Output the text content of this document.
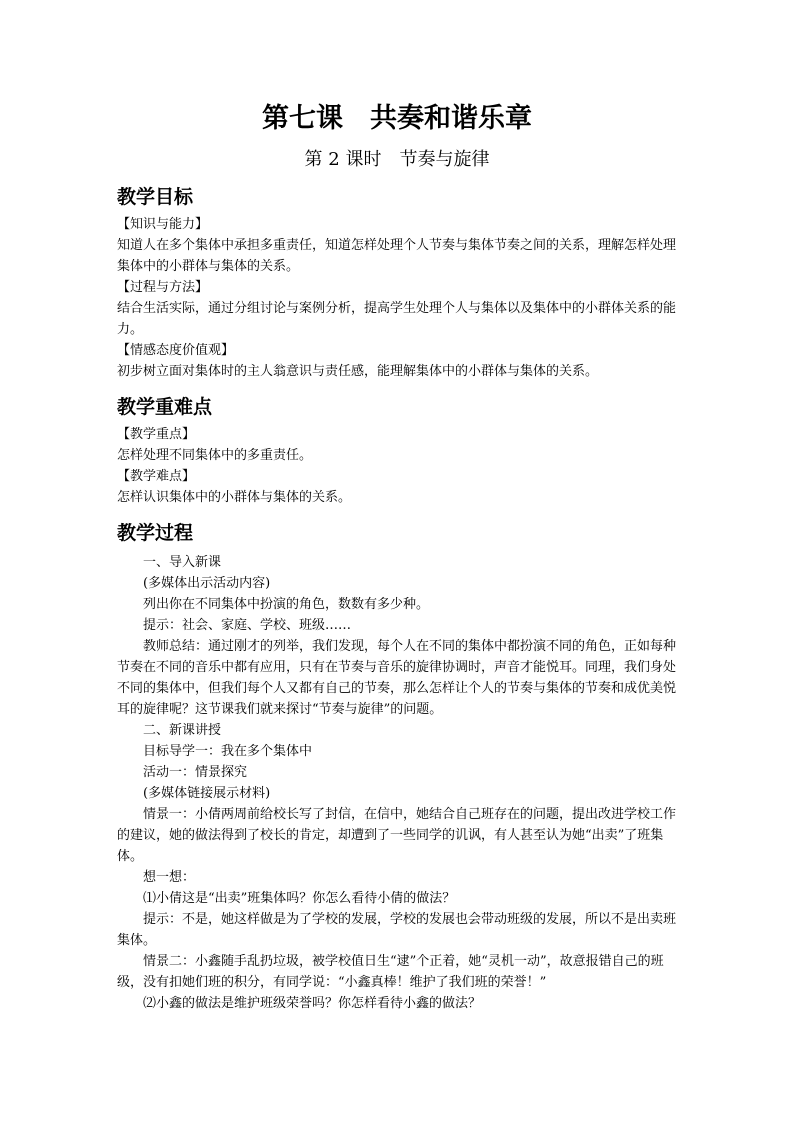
第七课　共奏和谐乐章
第 2 课时　节奏与旋律
教学目标

【知识与能力】

知道人在多个集体中承担多重责任，知道怎样处理个人节奏与集体节奏之间的关系，理解怎样处理集体中的小群体与集体的关系。

【过程与方法】

结合生活实际，通过分组讨论与案例分析，提高学生处理个人与集体以及集体中的小群体关系的能力。

【情感态度价值观】

初步树立面对集体时的主人翁意识与责任感，能理解集体中的小群体与集体的关系。

教学重难点

【教学重点】

怎样处理不同集体中的多重责任。

【教学难点】

怎样认识集体中的小群体与集体的关系。

教学过程

一、导入新课

(多媒体出示活动内容)

列出你在不同集体中扮演的角色，数数有多少种。

提示：社会、家庭、学校、班级……

教师总结：通过刚才的列举，我们发现，每个人在不同的集体中都扮演不同的角色，正如每种节奏在不同的音乐中都有应用，只有在节奏与音乐的旋律协调时，声音才能悦耳。同理，我们身处不同的集体中，但我们每个人又都有自己的节奏，那么怎样让个人的节奏与集体的节奏和成优美悦耳的旋律呢？这节课我们就来探讨“节奏与旋律”的问题。

二、新课讲授

目标导学一：我在多个集体中

活动一：情景探究

(多媒体链接展示材料)

情景一：小倩两周前给校长写了封信，在信中，她结合自己班存在的问题，提出改进学校工作的建议，她的做法得到了校长的肯定，却遭到了一些同学的讥讽，有人甚至认为她“出卖”了班集体。

想一想：

⑴小倩这是“出卖”班集体吗？你怎么看待小倩的做法？

提示：不是，她这样做是为了学校的发展，学校的发展也会带动班级的发展，所以不是出卖班集体。

情景二：小鑫随手乱扔垃圾，被学校值日生“逮”个正着，她“灵机一动”，故意报错自己的班级，没有扣她们班的积分，有同学说：“小鑫真棒！维护了我们班的荣誉！”

⑵小鑫的做法是维护班级荣誉吗？你怎样看待小鑫的做法？
